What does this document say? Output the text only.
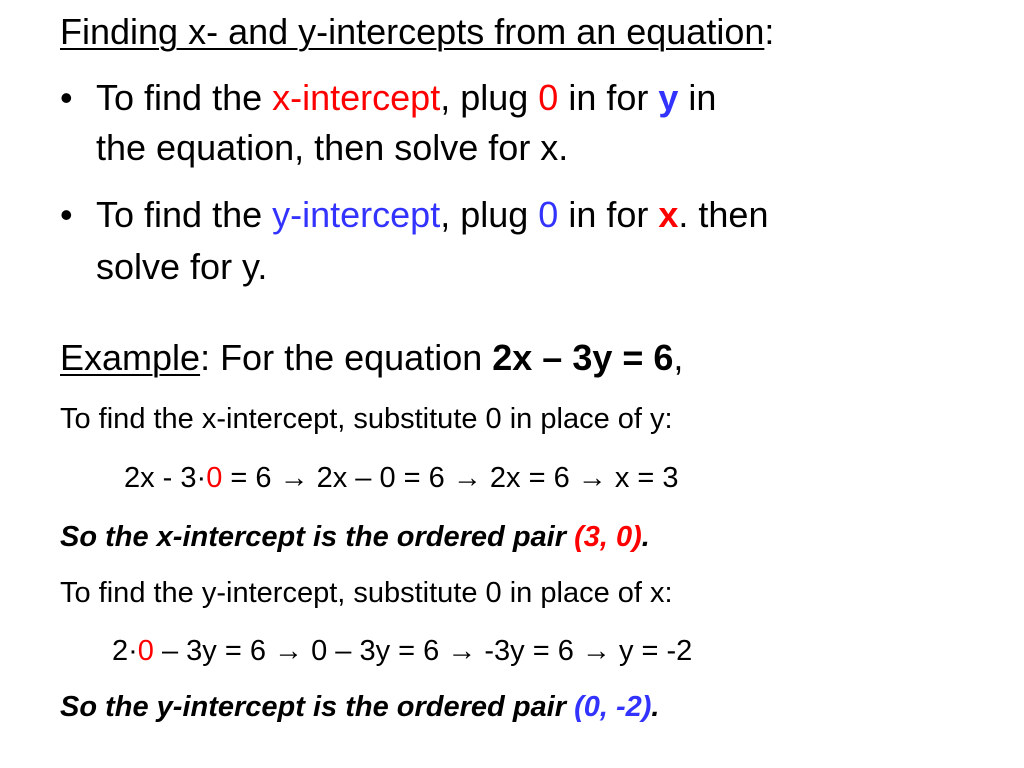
Finding x- and y-intercepts from an equation:
• To find the x-intercept, plug 0 in for y in
the equation, then solve for x.
• To find the y-intercept, plug 0 in for x. then
solve for y.
Example: For the equation 2x – 3y = 6,
To find the x-intercept, substitute 0 in place of y:
2x - 3·0 = 6 → 2x – 0 = 6 → 2x = 6 → x = 3
So the x-intercept is the ordered pair (3, 0).
To find the y-intercept, substitute 0 in place of x:
2·0 – 3y = 6 → 0 – 3y = 6 → -3y = 6 → y = -2
So the y-intercept is the ordered pair (0, -2).
